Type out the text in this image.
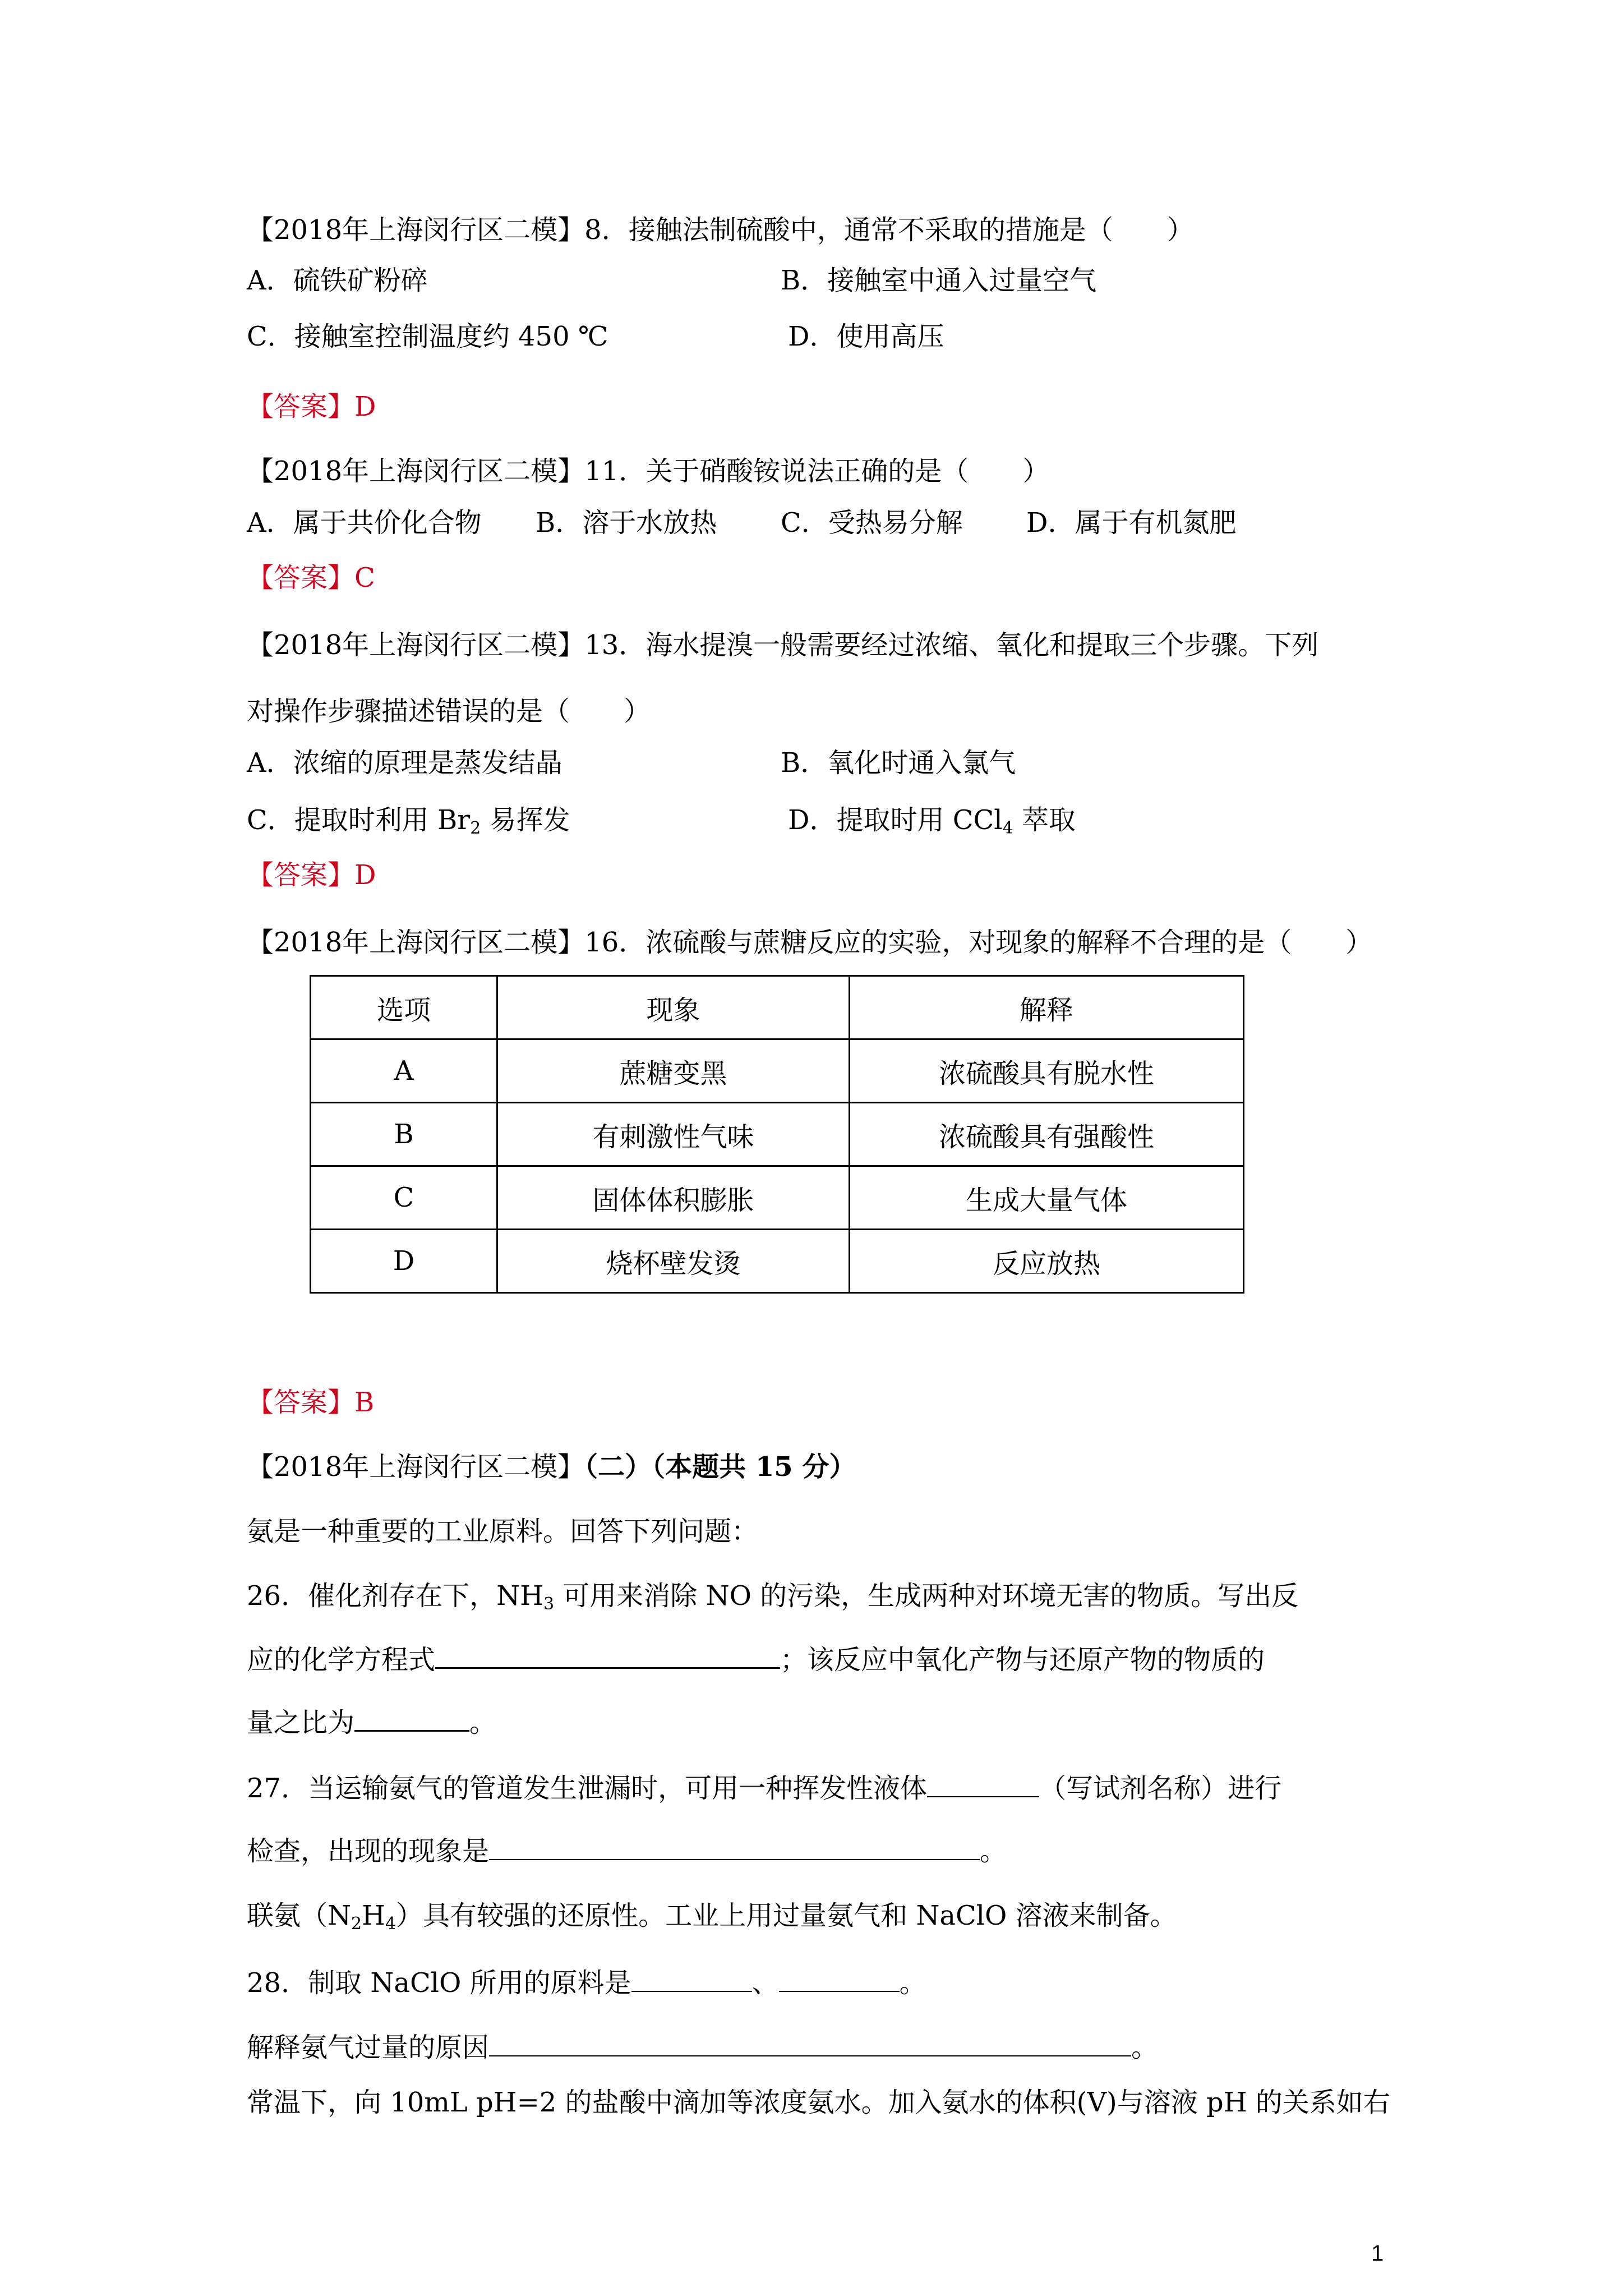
【2018年上海闵行区二模】8．接触法制硫酸中，通常不采取的措施是（　　）
A．硫铁矿粉碎	B．接触室中通入过量空气
C．接触室控制温度约 450 ℃	D．使用高压
【答案】D
【2018年上海闵行区二模】11．关于硝酸铵说法正确的是（　　）
A．属于共价化合物 B．溶于水放热 C．受热易分解 D．属于有机氮肥
【答案】C
【2018年上海闵行区二模】13．海水提溴一般需要经过浓缩、氧化和提取三个步骤。下列
对操作步骤描述错误的是（　　）
A．浓缩的原理是蒸发结晶	B．氧化时通入氯气
C．提取时利用 $Br_2$ 易挥发	D．提取时用 CCl$_4$ 萃取
【答案】D
【2018年上海闵行区二模】16．浓硫酸与蔗糖反应的实验，对现象的解释不合理的是（　　）
选项	现象	解释
A	蔗糖变黑	浓硫酸具有脱水性
B	有刺激性气味	浓硫酸具有强酸性
C	固体体积膨胀	生成大量气体
D	烧杯壁发烫	反应放热
【答案】B
【2018年上海闵行区二模】（二）（本题共 15 分）
氨是一种重要的工业原料。回答下列问题：
26．催化剂存在下，$NH_3$ 可用来消除 NO 的污染，生成两种对环境无害的物质。写出反
应的化学方程式	；该反应中氧化产物与还原产物的物质的
量之比为	。
27．当运输氨气的管道发生泄漏时，可用一种挥发性液体	（写试剂名称）进行
检查，出现的现象是	。
联氨$(N_2H_4)$具有较强的还原性。工业上用过量氨气和 NaClO 溶液来制备。
28．制取 NaClO 所用的原料是	、	。
解释氨气过量的原因	。
常温下，向 10mL pH=2 的盐酸中滴加等浓度氨水。加入氨水的体积(V)与溶液 pH 的关系如右
1
